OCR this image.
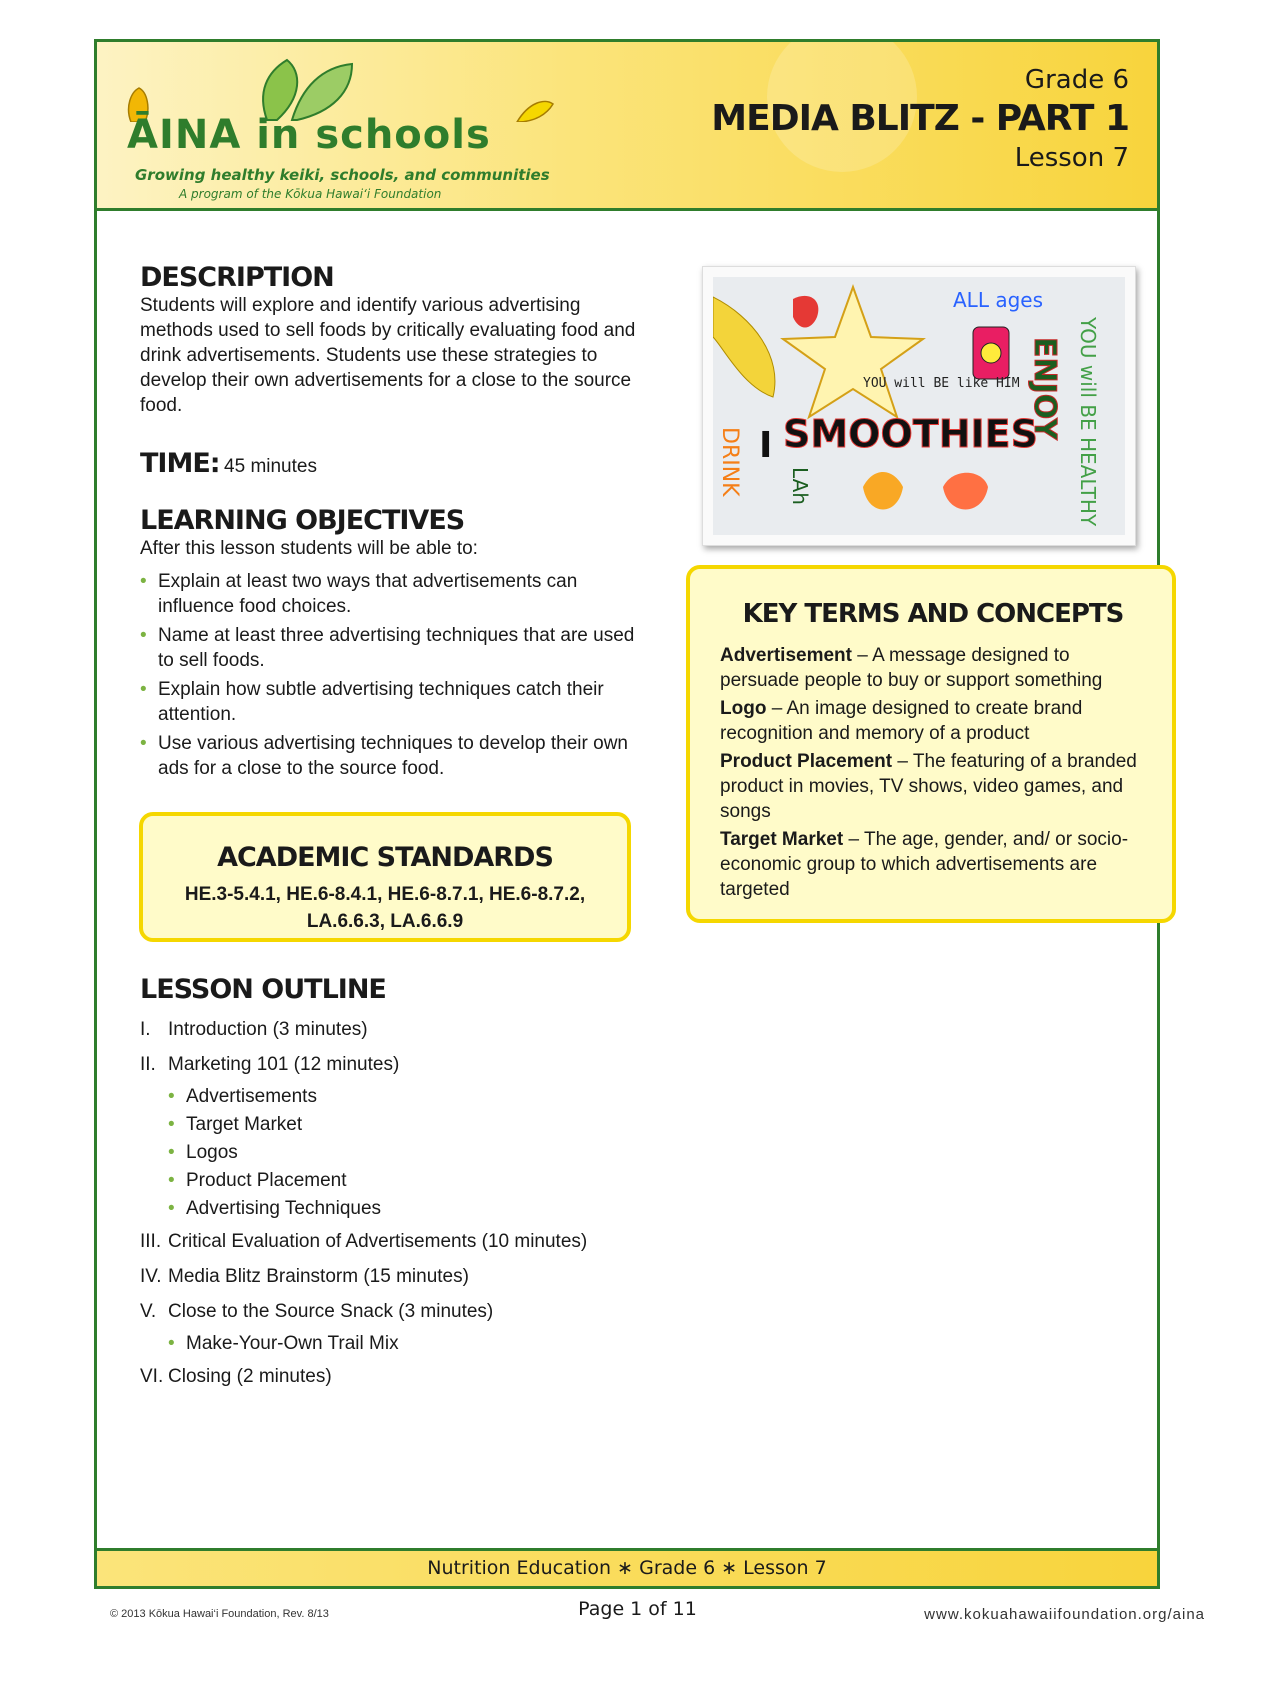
ĀINA in schools
Growing healthy keiki, schools, and communities
A program of the Kōkua Hawai‘i Foundation
Grade 6
MEDIA BLITZ - PART 1
Lesson 7
DESCRIPTION
Students will explore and identify various advertising methods used to sell foods by critically evaluating food and drink advertisements. Students use these strategies to develop their own advertisements for a close to the source food.
TIME: 45 minutes
LEARNING OBJECTIVES
After this lesson students will be able to:
• Explain at least two ways that advertisements can influence food choices.
• Name at least three advertising techniques that are used to sell foods.
• Explain how subtle advertising techniques catch their attention.
• Use various advertising techniques to develop their own ads for a close to the source food.
ACADEMIC STANDARDS
HE.3-5.4.1, HE.6-8.4.1, HE.6-8.7.1, HE.6-8.7.2,
LA.6.6.3, LA.6.6.9
LESSON OUTLINE
I. Introduction (3 minutes)
II. Marketing 101 (12 minutes)
• Advertisements
• Target Market
• Logos
• Product Placement
• Advertising Techniques
III. Critical Evaluation of Advertisements (10 minutes)
IV. Media Blitz Brainstorm (15 minutes)
V. Close to the Source Snack (3 minutes)
• Make-Your-Own Trail Mix
VI. Closing (2 minutes)
ALL ages
YOU will BE like HIM
SMOOTHIES
DRINK
ENJOY YOU will BE HEALTHY
I
LAh
KEY TERMS AND CONCEPTS
Advertisement – A message designed to persuade people to buy or support something
Logo – An image designed to create brand recognition and memory of a product
Product Placement – The featuring of a branded product in movies, TV shows, video games, and songs
Target Market – The age, gender, and/ or socio-economic group to which advertisements are targeted
Nutrition Education ∗ Grade 6 ∗ Lesson 7
© 2013 Kōkua Hawai‘i Foundation, Rev. 8/13	Page 1 of 11	www.kokuahawaiifoundation.org/aina
